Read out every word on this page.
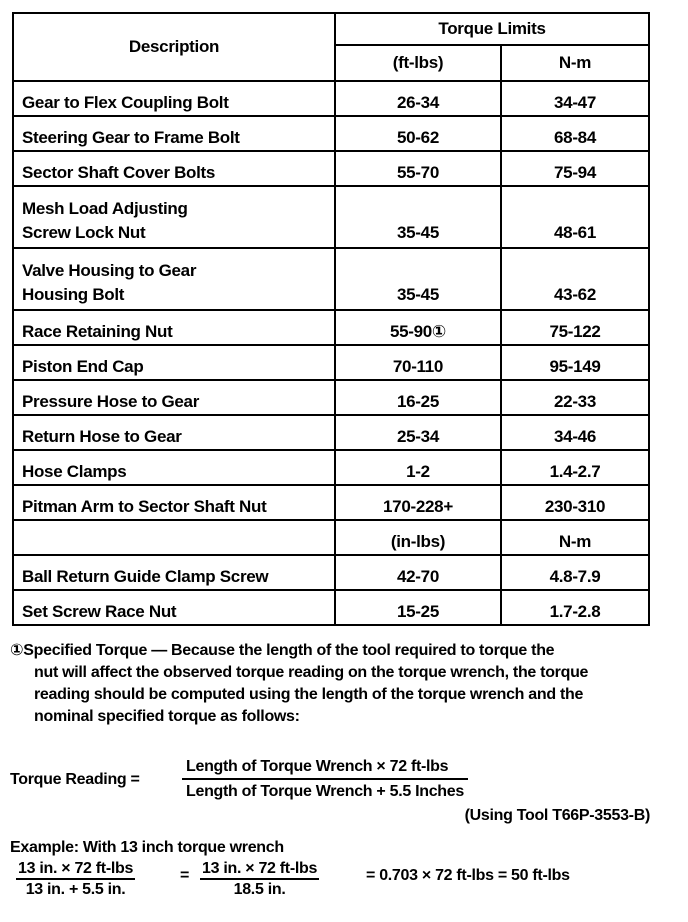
Description	Torque Limits	
	(ft-lbs)	N-m
Gear to Flex Coupling Bolt	26-34	34-47
Steering Gear to Frame Bolt	50-62	68-84
Sector Shaft Cover Bolts	55-70	75-94

Mesh Load Adjusting
Screw Lock Nut	35-45	48-61

Valve Housing to Gear
Housing Bolt	35-45	43-62
Race Retaining Nut	55-90①	75-122
Piston End Cap	70-110	95-149
Pressure Hose to Gear	16-25	22-33
Return Hose to Gear	25-34	34-46
Hose Clamps	1-2	1.4-2.7
Pitman Arm to Sector Shaft Nut	170-228+	230-310
	(in-lbs)	N-m
Ball Return Guide Clamp Screw	42-70	4.8-7.9
Set Screw Race Nut	15-25	1.7-2.8
①Specified Torque — Because the length of the tool required to torque the
nut will affect the observed torque reading on the torque wrench, the torque
reading should be computed using the length of the torque wrench and the
nominal specified torque as follows:
Torque Reading =
Length of Torque Wrench × 72 ft-lbs
Length of Torque Wrench + 5.5 Inches
(Using Tool T66P-3553-B)
Example: With 13 inch torque wrench
13 in. × 72 ft-lbs
13 in. + 5.5 in.
= 13 in. × 72 ft-lbs
18.5 in.
= 0.703 × 72 ft-lbs = 50 ft-lbs
